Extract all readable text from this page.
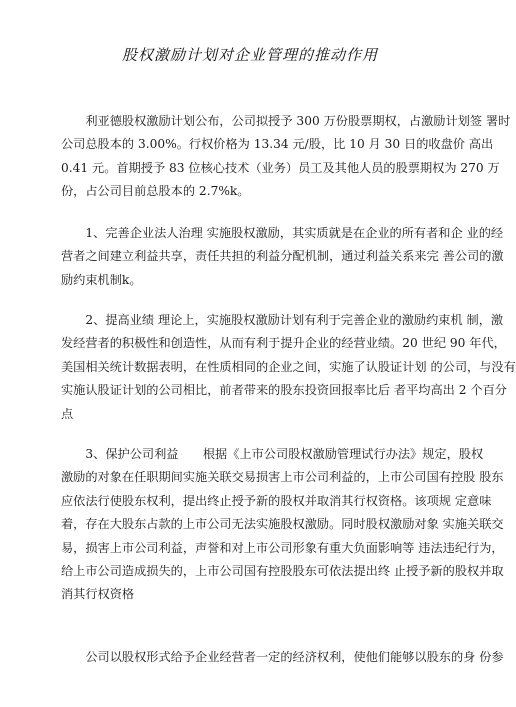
股权激励计划对企业管理的推动作用
　　利亚德股权激励计划公布，公司拟授予 300 万份股票期权，占激励计划签 署时
公司总股本的 3.00%。行权价格为 13.34 元/股，比 10 月 30 日的收盘价 高出
0.41 元。首期授予 83 位核心技术（业务）员工及其他人员的股票期权为 270 万
份，占公司目前总股本的 2.7%k。
　　1、完善企业法人治理 实施股权激励，其实质就是在企业的所有者和企 业的经
营者之间建立利益共享，责任共担的利益分配机制，通过利益关系来完 善公司的激
励约束机制k。
　　2、提高业绩 理论上，实施股权激励计划有利于完善企业的激励约束机 制，激
发经营者的积极性和创造性，从而有利于提升企业的经营业绩。20 世纪 90 年代，
美国相关统计数据表明，在性质相同的企业之间，实施了认股证计划 的公司，与没有
实施认股证计划的公司相比，前者带来的股东投资回报率比后 者平均高出 2 个百分
点
　　3、保护公司利益　　根据《上市公司股权激励管理试行办法》规定，股权
激励的对象在任职期间实施关联交易损害上市公司利益的，上市公司国有控股 股东
应依法行使股东权利，提出终止授予新的股权并取消其行权资格。该项规 定意味
着，存在大股东占款的上市公司无法实施股权激励。同时股权激励对象 实施关联交
易，损害上市公司利益，声誉和对上市公司形象有重大负面影响等 违法违纪行为，
给上市公司造成损失的，上市公司国有控股股东可依法提出终 止授予新的股权并取
消其行权资格
　　公司以股权形式给予企业经营者一定的经济权利，使他们能够以股东的身 份参
